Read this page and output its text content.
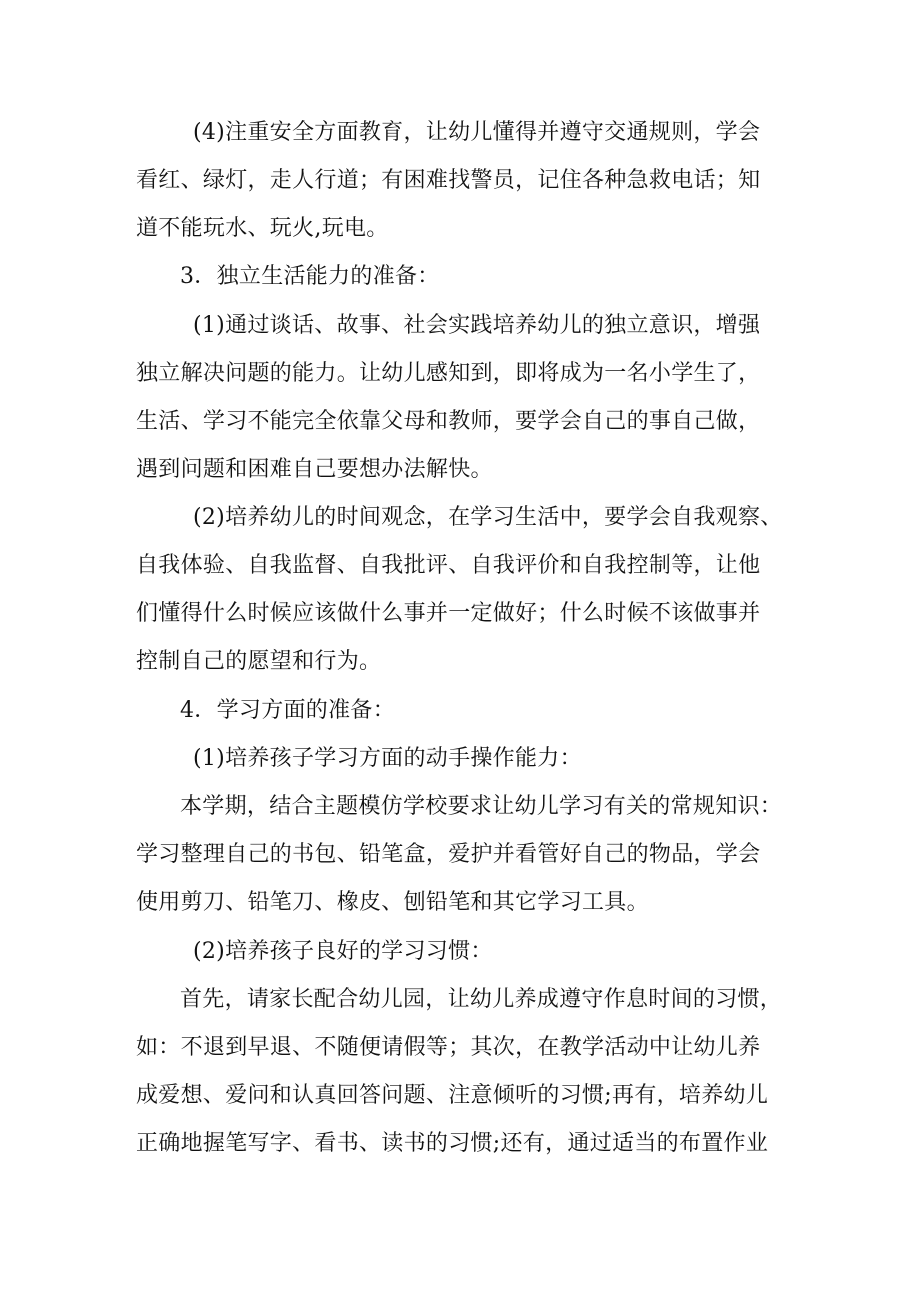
(4)注重安全方面教育，让幼儿懂得并遵守交通规则，学会

看红、绿灯，走人行道；有困难找警员，记住各种急救电话；知

道不能玩水、玩火,玩电。

3．独立生活能力的准备：

(1)通过谈话、故事、社会实践培养幼儿的独立意识，增强

独立解决问题的能力。让幼儿感知到，即将成为一名小学生了，

生活、学习不能完全依靠父母和教师，要学会自己的事自己做，

遇到问题和困难自己要想办法解快。

(2)培养幼儿的时间观念，在学习生活中，要学会自我观察、

自我体验、自我监督、自我批评、自我评价和自我控制等，让他

们懂得什么时候应该做什么事并一定做好；什么时候不该做事并

控制自己的愿望和行为。

4．学习方面的准备：

(1)培养孩子学习方面的动手操作能力：

本学期，结合主题模仿学校要求让幼儿学习有关的常规知识：

学习整理自己的书包、铅笔盒，爱护并看管好自己的物品，学会

使用剪刀、铅笔刀、橡皮、刨铅笔和其它学习工具。

(2)培养孩子良好的学习习惯：

首先，请家长配合幼儿园，让幼儿养成遵守作息时间的习惯，

如：不退到早退、不随便请假等；其次，在教学活动中让幼儿养

成爱想、爱问和认真回答问题、注意倾听的习惯;再有，培养幼儿

正确地握笔写字、看书、读书的习惯;还有，通过适当的布置作业
